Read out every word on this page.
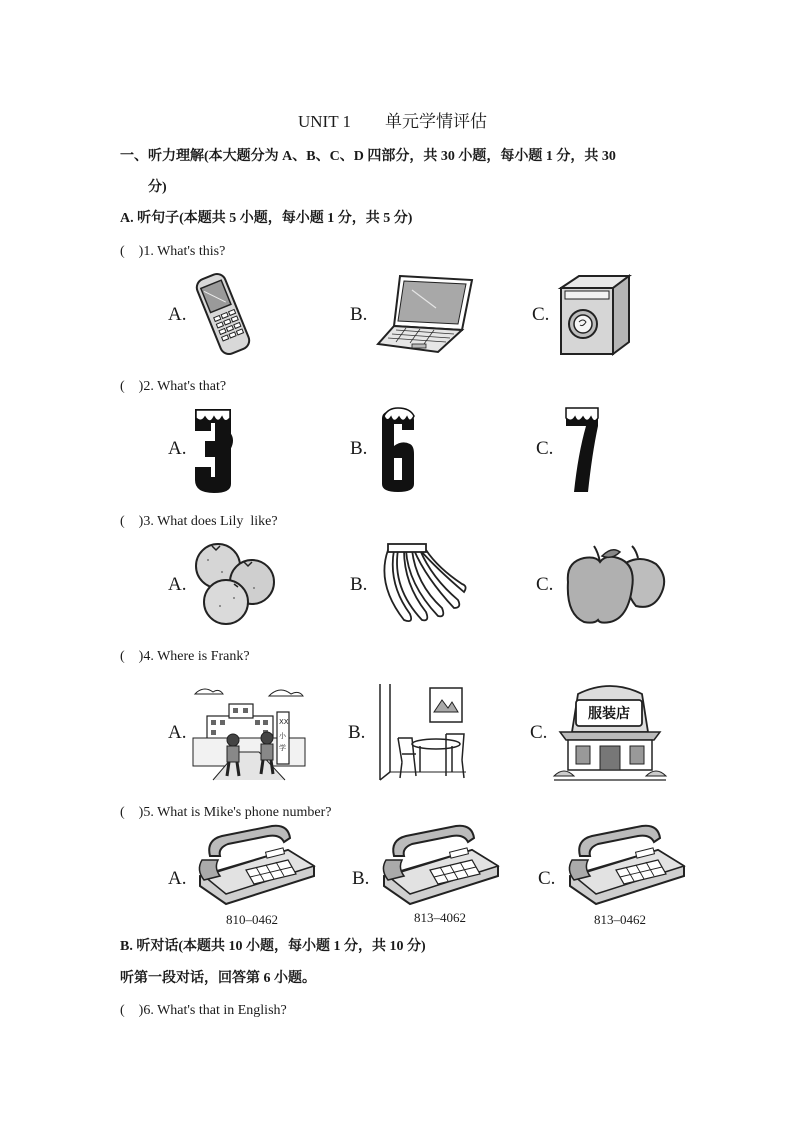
UNIT 1　　单元学情评估
一、听力理解(本大题分为 A、B、C、D 四部分，共 30 小题，每小题 1 分，共 30
分)
A. 听句子(本题共 5 小题，每小题 1 分，共 5 分)
(　)1. What's this?
A.	B.	C.
(　)2. What's that?
A.	B.	C.
(　)3. What does Lily  like?
A.	B.	C.
(　)4. Where is Frank?
A.	B.	C.
XX
小
学
服装店
(　)5. What is Mike's phone number?
A.	B.	C.
810–0462	813–4062	813–0462
B. 听对话(本题共 10 小题，每小题 1 分，共 10 分)
听第一段对话，回答第 6 小题。
(　)6. What's that in English?
